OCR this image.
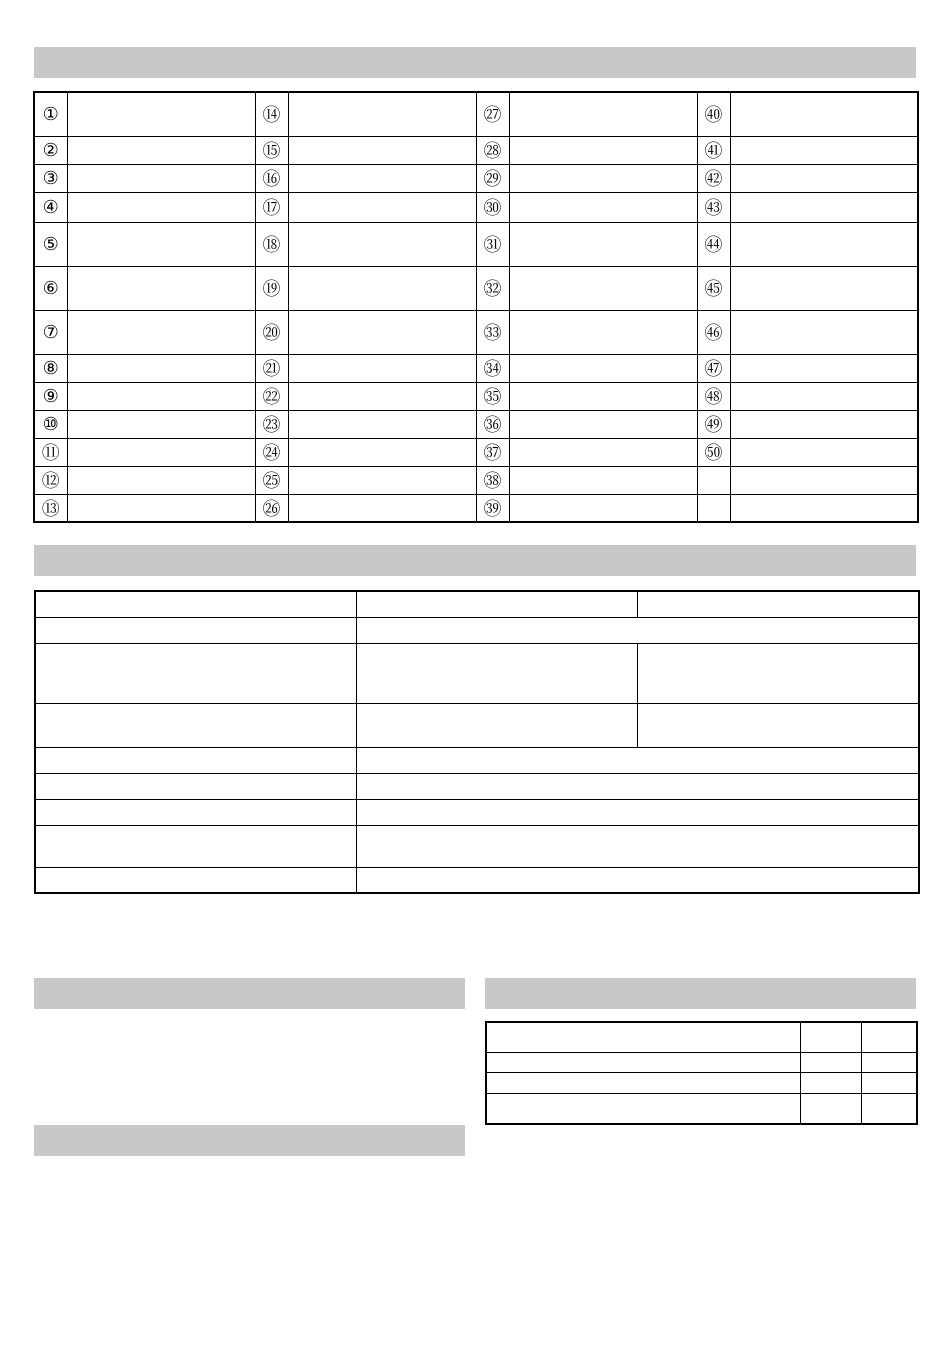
①		⑭		㉗		㊵	
②		⑮		㉘		㊶	
③		⑯		㉙		㊷	
④		⑰		㉚		㊸	
⑤		⑱		㉛		㊹	
⑥		⑲		㉜		㊺	
⑦		⑳		㉝		㊻	
⑧		㉑		㉞		㊼	
⑨		㉒		㉟		㊽	
⑩		㉓		㊱		㊾	
⑪		㉔		㊲		㊿	
⑫		㉕		㊳			
⑬		㉖		㊴			
